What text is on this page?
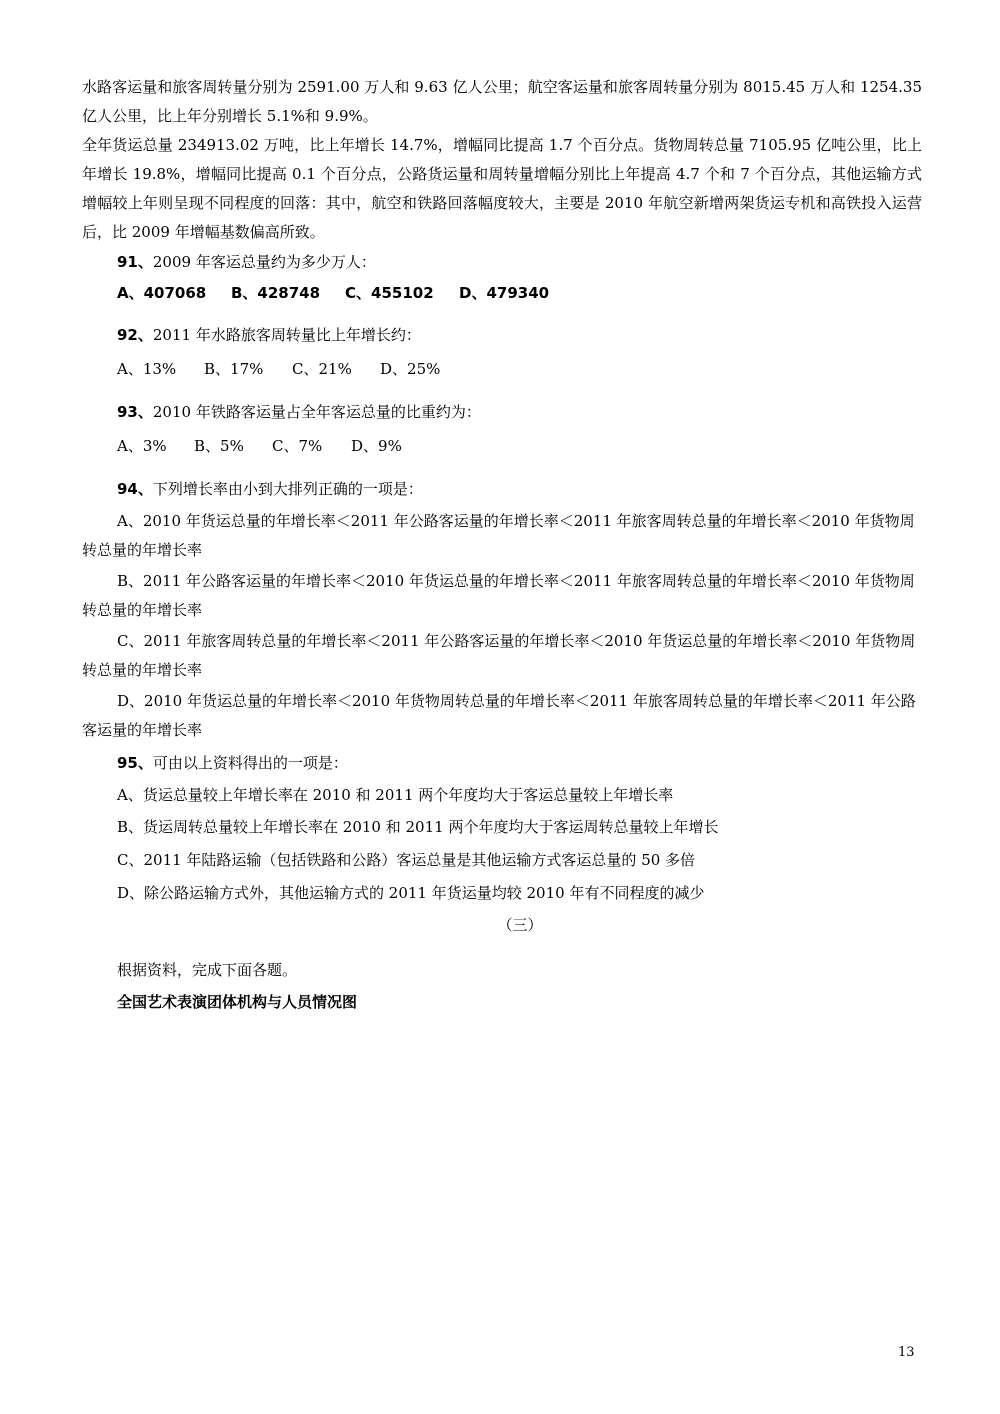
水路客运量和旅客周转量分别为 2591.00 万人和 9.63 亿人公里；航空客运量和旅客周转量分别为 8015.45 万人和 1254.35 亿人公里，比上年分别增长 5.1%和 9.9%。

全年货运总量 234913.02 万吨，比上年增长 14.7%，增幅同比提高 1.7 个百分点。货物周转总量 7105.95 亿吨公里，比上年增长 19.8%，增幅同比提高 0.1 个百分点，公路货运量和周转量增幅分别比上年提高 4.7 个和 7 个百分点，其他运输方式增幅较上年则呈现不同程度的回落：其中，航空和铁路回落幅度较大，主要是 2010 年航空新增两架货运专机和高铁投入运营后，比 2009 年增幅基数偏高所致。

91、2009 年客运总量约为多少万人：

A、407068 B、428748 C、455102 D、479340

92、2011 年水路旅客周转量比上年增长约：

A、13% B、17% C、21% D、25%

93、2010 年铁路客运量占全年客运总量的比重约为：

A、3% B、5% C、7% D、9%

94、下列增长率由小到大排列正确的一项是：

A、2010 年货运总量的年增长率＜2011 年公路客运量的年增长率＜2011 年旅客周转总量的年增长率＜2010 年货物周转总量的年增长率

B、2011 年公路客运量的年增长率＜2010 年货运总量的年增长率＜2011 年旅客周转总量的年增长率＜2010 年货物周转总量的年增长率

C、2011 年旅客周转总量的年增长率＜2011 年公路客运量的年增长率＜2010 年货运总量的年增长率＜2010 年货物周转总量的年增长率

D、2010 年货运总量的年增长率＜2010 年货物周转总量的年增长率＜2011 年旅客周转总量的年增长率＜2011 年公路客运量的年增长率

95、可由以上资料得出的一项是：

A、货运总量较上年增长率在 2010 和 2011 两个年度均大于客运总量较上年增长率

B、货运周转总量较上年增长率在 2010 和 2011 两个年度均大于客运周转总量较上年增长

C、2011 年陆路运输（包括铁路和公路）客运总量是其他运输方式客运总量的 50 多倍

D、除公路运输方式外，其他运输方式的 2011 年货运量均较 2010 年有不同程度的减少

（三）

根据资料，完成下面各题。

全国艺术表演团体机构与人员情况图

13
